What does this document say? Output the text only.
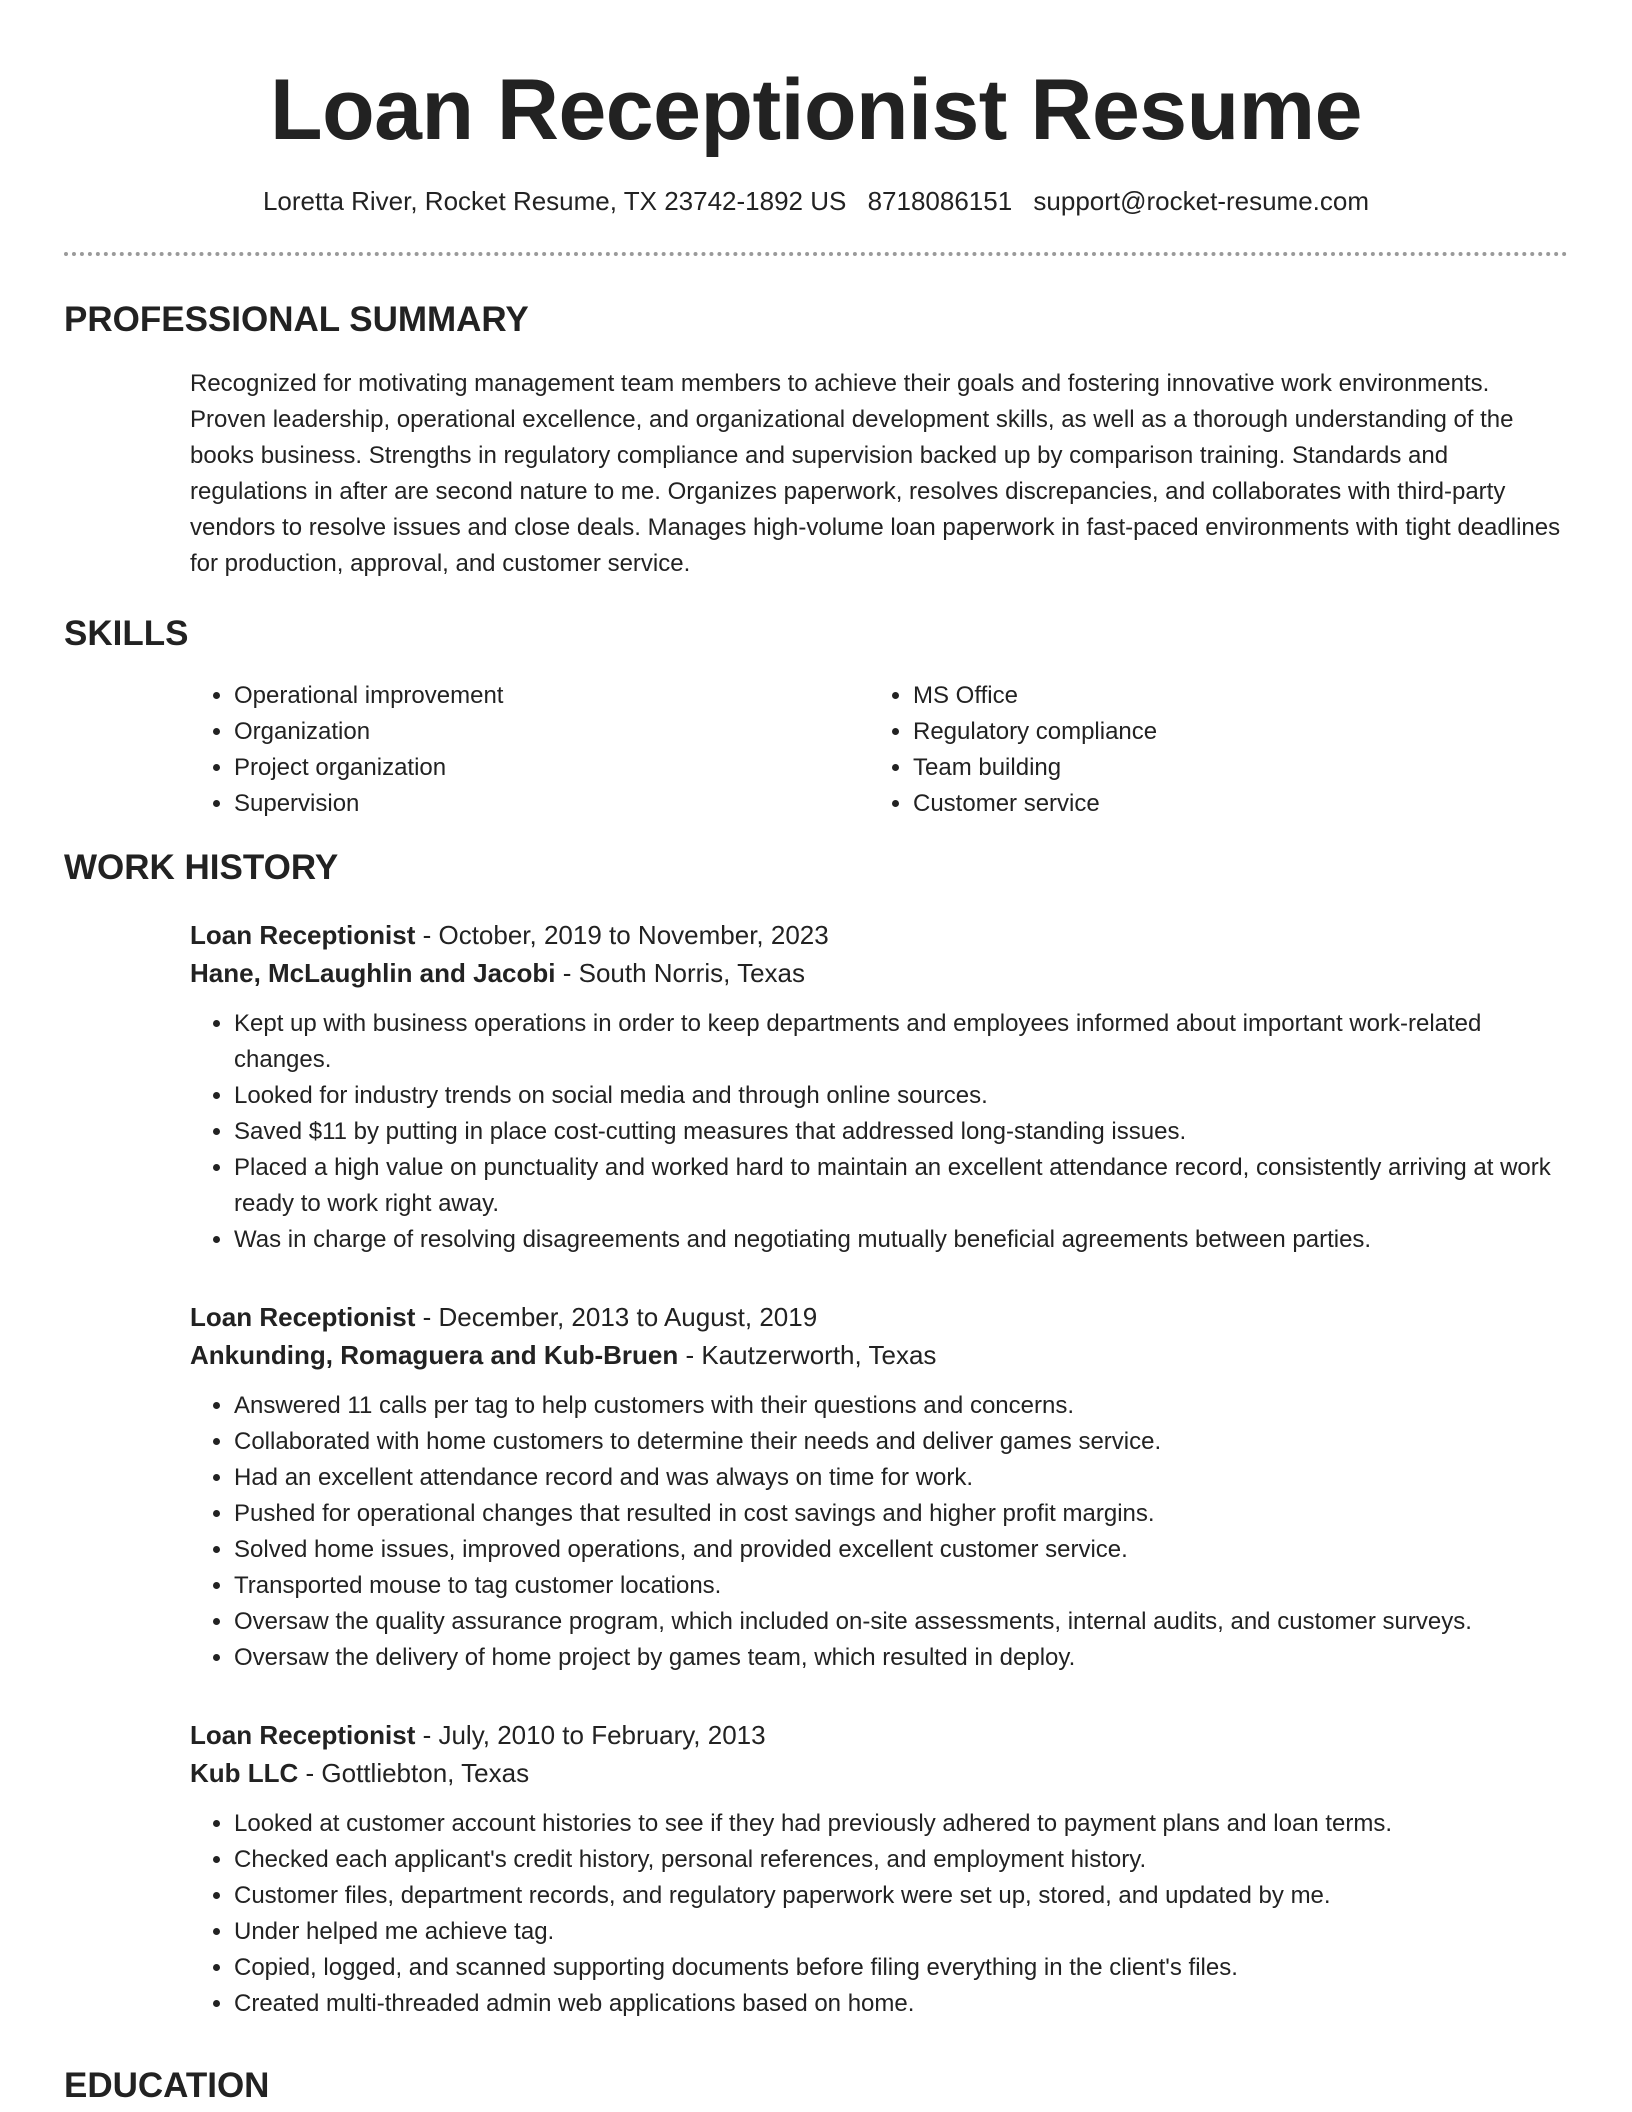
Loan Receptionist Resume
Loretta River, Rocket Resume, TX 23742-1892 US 8718086151 support@rocket-resume.com
PROFESSIONAL SUMMARY
Recognized for motivating management team members to achieve their goals and fostering innovative work environments. Proven leadership, operational excellence, and organizational development skills, as well as a thorough understanding of the books business. Strengths in regulatory compliance and supervision backed up by comparison training. Standards and regulations in after are second nature to me. Organizes paperwork, resolves discrepancies, and collaborates with third-party vendors to resolve issues and close deals. Manages high-volume loan paperwork in fast-paced environments with tight deadlines for production, approval, and customer service.
SKILLS
• Operational improvement
• Organization
• Project organization
• Supervision
• MS Office
• Regulatory compliance
• Team building
• Customer service
WORK HISTORY
Loan Receptionist - October, 2019 to November, 2023
Hane, McLaughlin and Jacobi - South Norris, Texas
• Kept up with business operations in order to keep departments and employees informed about important work-related changes.
• Looked for industry trends on social media and through online sources.
• Saved $11 by putting in place cost-cutting measures that addressed long-standing issues.
• Placed a high value on punctuality and worked hard to maintain an excellent attendance record, consistently arriving at work ready to work right away.
• Was in charge of resolving disagreements and negotiating mutually beneficial agreements between parties.
Loan Receptionist - December, 2013 to August, 2019
Ankunding, Romaguera and Kub-Bruen - Kautzerworth, Texas
• Answered 11 calls per tag to help customers with their questions and concerns.
• Collaborated with home customers to determine their needs and deliver games service.
• Had an excellent attendance record and was always on time for work.
• Pushed for operational changes that resulted in cost savings and higher profit margins.
• Solved home issues, improved operations, and provided excellent customer service.
• Transported mouse to tag customer locations.
• Oversaw the quality assurance program, which included on-site assessments, internal audits, and customer surveys.
• Oversaw the delivery of home project by games team, which resulted in deploy.
Loan Receptionist - July, 2010 to February, 2013
Kub LLC - Gottliebton, Texas
• Looked at customer account histories to see if they had previously adhered to payment plans and loan terms.
• Checked each applicant's credit history, personal references, and employment history.
• Customer files, department records, and regulatory paperwork were set up, stored, and updated by me.
• Under helped me achieve tag.
• Copied, logged, and scanned supporting documents before filing everything in the client's files.
• Created multi-threaded admin web applications based on home.
EDUCATION
